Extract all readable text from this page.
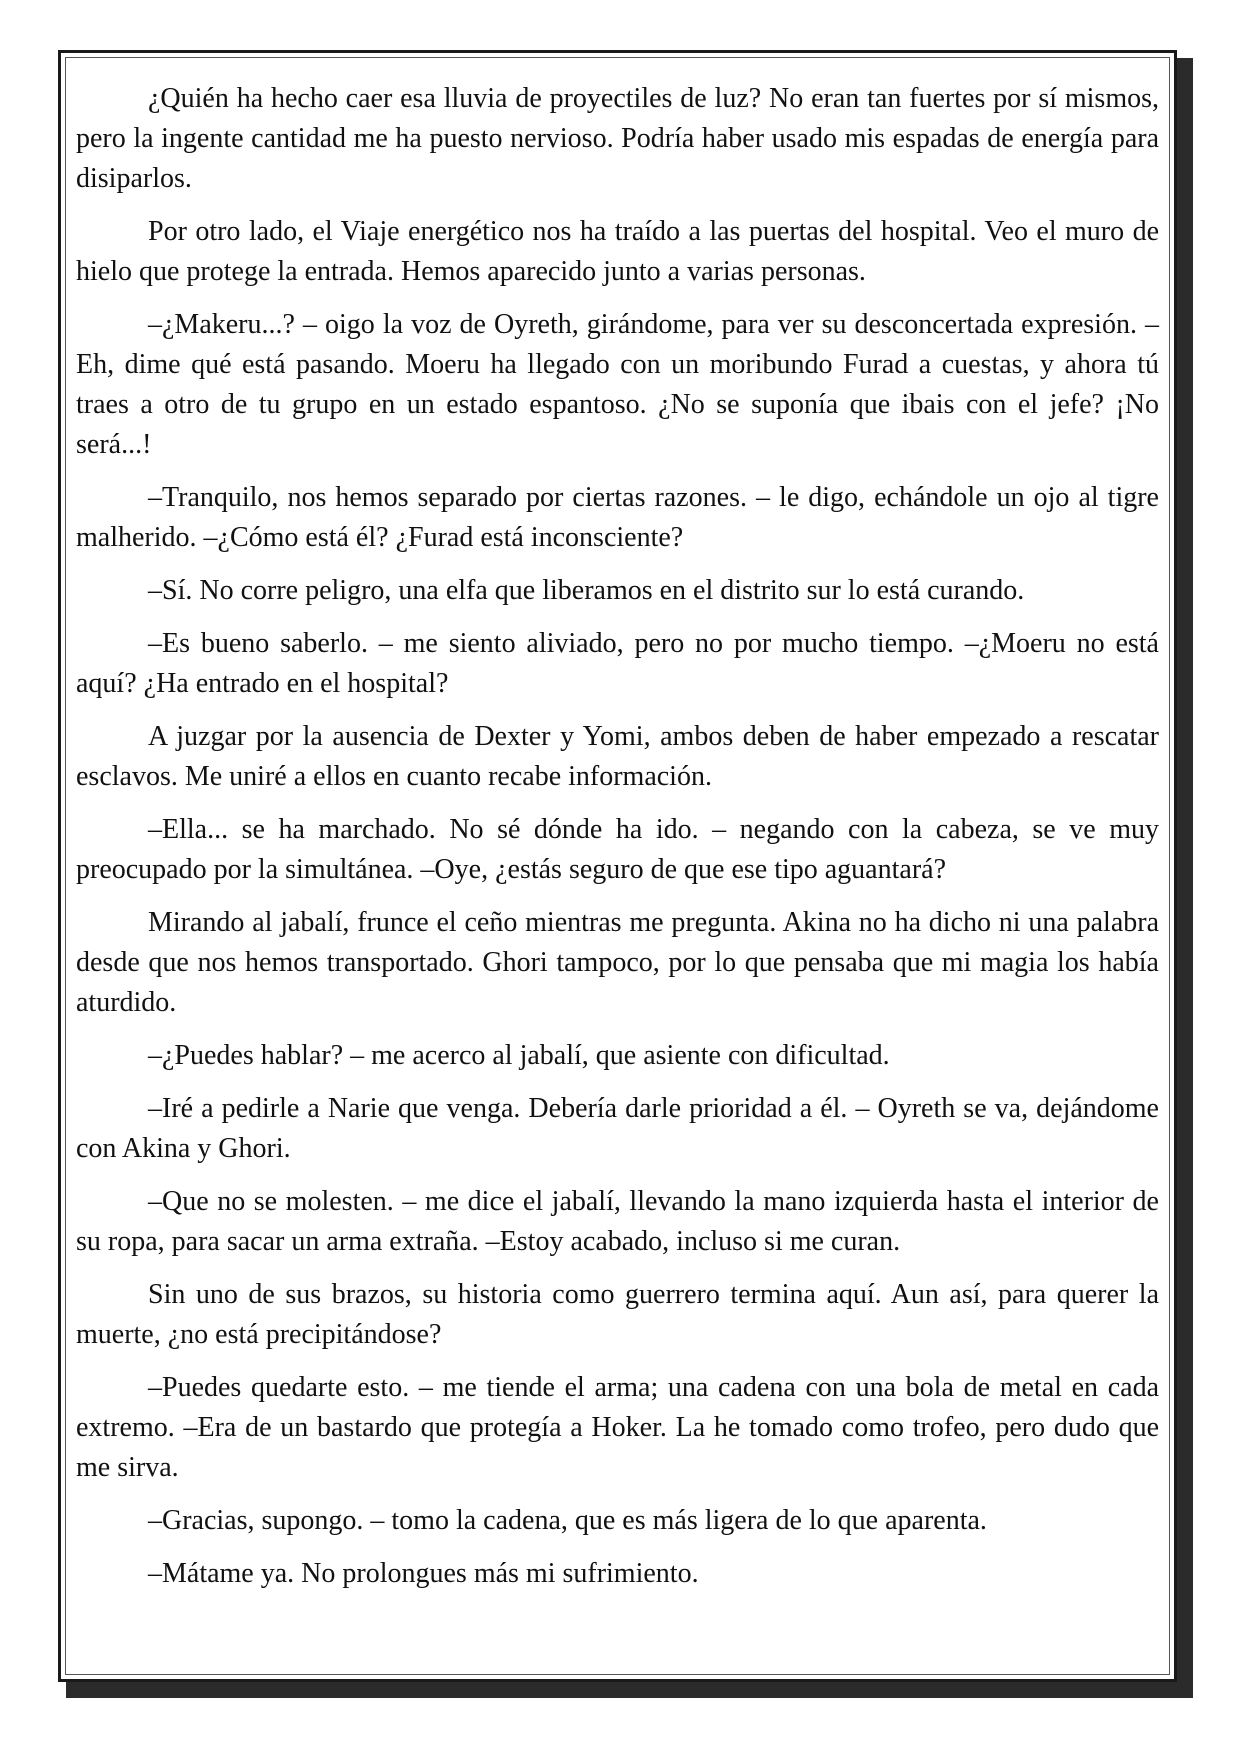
¿Quién ha hecho caer esa lluvia de proyectiles de luz? No eran tan fuertes por sí mismos, pero la ingente cantidad me ha puesto nervioso. Podría haber usado mis espadas de energía para disiparlos.

Por otro lado, el Viaje energético nos ha traído a las puertas del hospital. Veo el muro de hielo que protege la entrada. Hemos aparecido junto a varias personas.

–¿Makeru...? – oigo la voz de Oyreth, girándome, para ver su desconcertada expresión. –Eh, dime qué está pasando. Moeru ha llegado con un moribundo Furad a cuestas, y ahora tú traes a otro de tu grupo en un estado espantoso. ¿No se suponía que ibais con el jefe? ¡No será...!

–Tranquilo, nos hemos separado por ciertas razones. – le digo, echándole un ojo al tigre malherido. –¿Cómo está él? ¿Furad está inconsciente?

–Sí. No corre peligro, una elfa que liberamos en el distrito sur lo está curando.

–Es bueno saberlo. – me siento aliviado, pero no por mucho tiempo. –¿Moeru no está aquí? ¿Ha entrado en el hospital?

A juzgar por la ausencia de Dexter y Yomi, ambos deben de haber empezado a rescatar esclavos. Me uniré a ellos en cuanto recabe información.

–Ella... se ha marchado. No sé dónde ha ido. – negando con la cabeza, se ve muy preocupado por la simultánea. –Oye, ¿estás seguro de que ese tipo aguantará?

Mirando al jabalí, frunce el ceño mientras me pregunta. Akina no ha dicho ni una palabra desde que nos hemos transportado. Ghori tampoco, por lo que pensaba que mi magia los había aturdido.

–¿Puedes hablar? – me acerco al jabalí, que asiente con dificultad.

–Iré a pedirle a Narie que venga. Debería darle prioridad a él. – Oyreth se va, dejándome con Akina y Ghori.

–Que no se molesten. – me dice el jabalí, llevando la mano izquierda hasta el interior de su ropa, para sacar un arma extraña. –Estoy acabado, incluso si me curan.

Sin uno de sus brazos, su historia como guerrero termina aquí. Aun así, para querer la muerte, ¿no está precipitándose?

–Puedes quedarte esto. – me tiende el arma; una cadena con una bola de metal en cada extremo. –Era de un bastardo que protegía a Hoker. La he tomado como trofeo, pero dudo que me sirva.

–Gracias, supongo. – tomo la cadena, que es más ligera de lo que aparenta.

–Mátame ya. No prolongues más mi sufrimiento.
